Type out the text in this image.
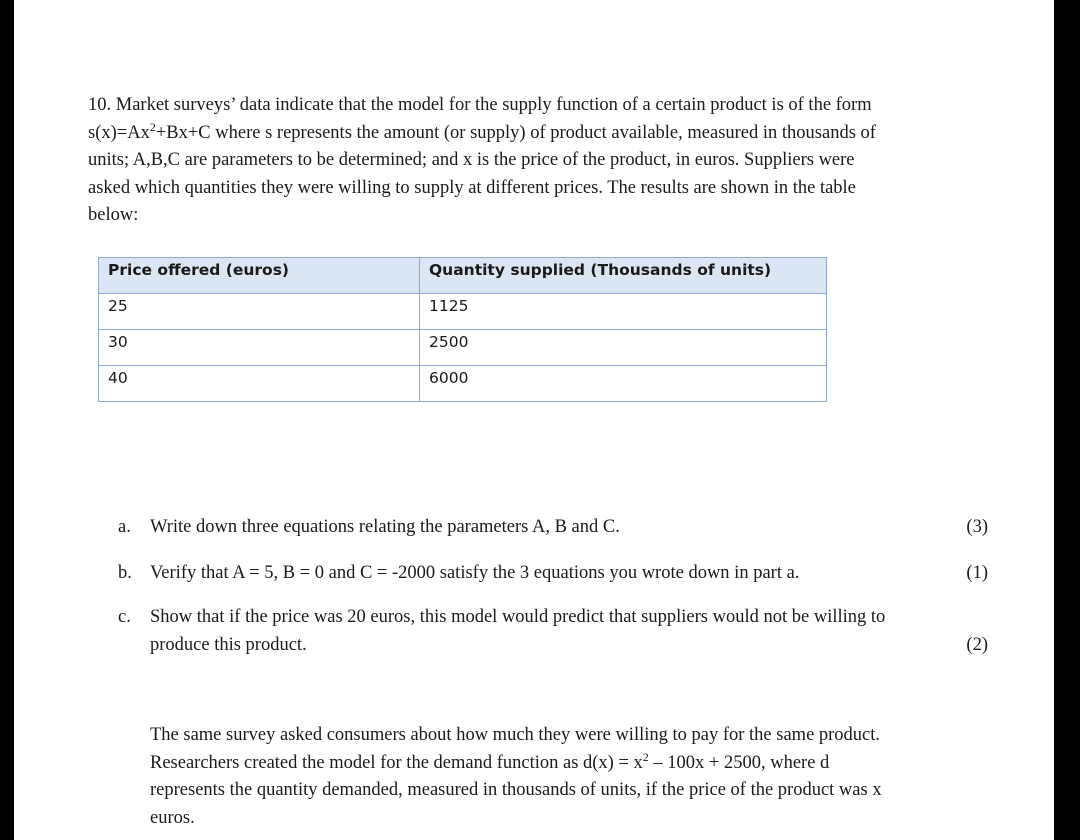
10. Market surveys’ data indicate that the model for the supply function of a certain product is of the form

$s(x)=Ax^2+Bx+C$ where s represents the amount (or supply) of product available, measured in thousands of

units; A,B,C are parameters to be determined; and x is the price of the product, in euros. Suppliers were

asked which quantities they were willing to supply at different prices. The results are shown in the table

below:

Price offered (euros)	Quantity supplied (Thousands of units)
25	1125
30	2500
40	6000
a. Write down three equations relating the parameters A, B and C.	(3)
b. Verify that A = 5, B = 0 and C = -2000 satisfy the 3 equations you wrote down in part a.	(1)
c. Show that if the price was 20 euros, this model would predict that suppliers would not be willing to
produce this product.	(2)

The same survey asked consumers about how much they were willing to pay for the same product.

Researchers created the model for the demand function as $d(x) = x^2 - 100x + 2500$, where d

represents the quantity demanded, measured in thousands of units, if the price of the product was x

euros.
